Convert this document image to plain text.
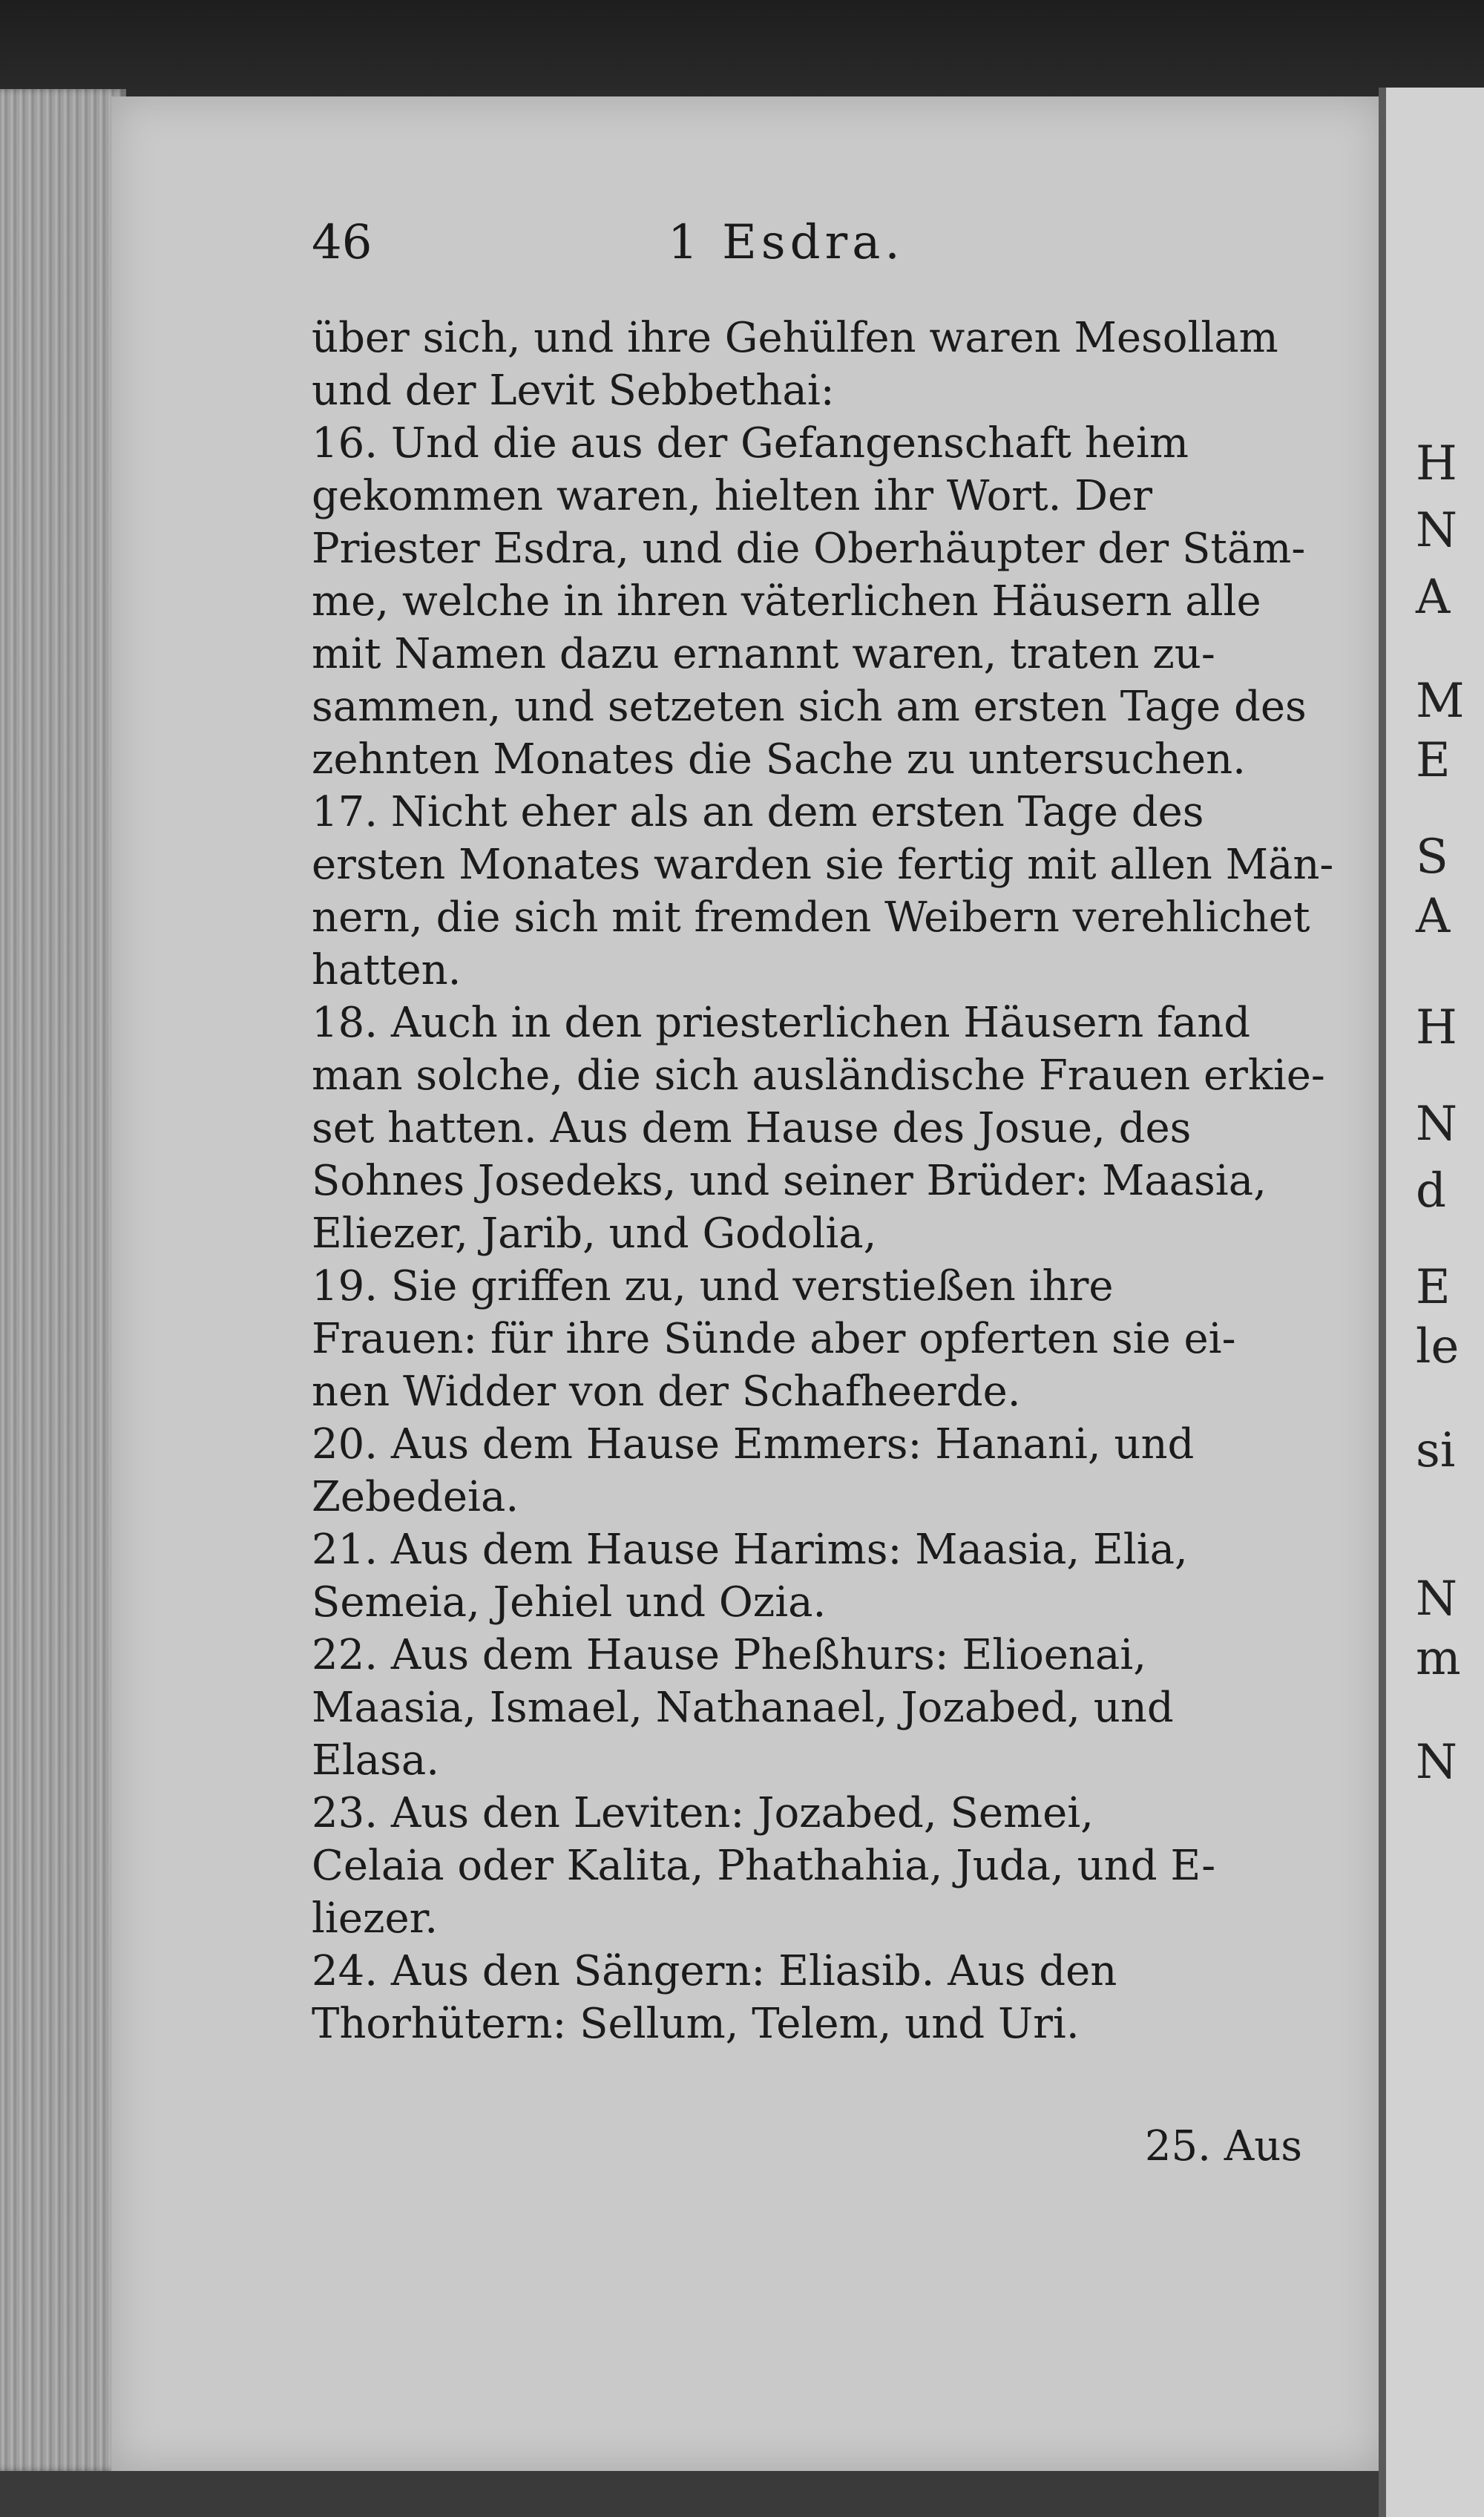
H
N
A
M
E
S
A
H
N
d
E
le
si
N
m
N
46	1 Esdra.
über sich, und ihre Gehülfen waren Mesollam
und der Levit Sebbethai:
16. Und die aus der Gefangenschaft heim
gekommen waren, hielten ihr Wort. Der
Priester Esdra, und die Oberhäupter der Stäm-
me, welche in ihren väterlichen Häusern alle
mit Namen dazu ernannt waren, traten zu-
sammen, und setzeten sich am ersten Tage des
zehnten Monates die Sache zu untersuchen.
17. Nicht eher als an dem ersten Tage des
ersten Monates warden sie fertig mit allen Män-
nern, die sich mit fremden Weibern verehlichet
hatten.
18. Auch in den priesterlichen Häusern fand
man solche, die sich ausländische Frauen erkie-
set hatten. Aus dem Hause des Josue, des
Sohnes Josedeks, und seiner Brüder: Maasia,
Eliezer, Jarib, und Godolia,
19. Sie griffen zu, und verstießen ihre
Frauen: für ihre Sünde aber opferten sie ei-
nen Widder von der Schafheerde.
20. Aus dem Hause Emmers: Hanani, und
Zebedeia.
21. Aus dem Hause Harims: Maasia, Elia,
Semeia, Jehiel und Ozia.
22. Aus dem Hause Pheßhurs: Elioenai,
Maasia, Ismael, Nathanael, Jozabed, und
Elasa.
23. Aus den Leviten: Jozabed, Semei,
Celaia oder Kalita, Phathahia, Juda, und E-
liezer.
24. Aus den Sängern: Eliasib. Aus den
Thorhütern: Sellum, Telem, und Uri.
25. Aus
